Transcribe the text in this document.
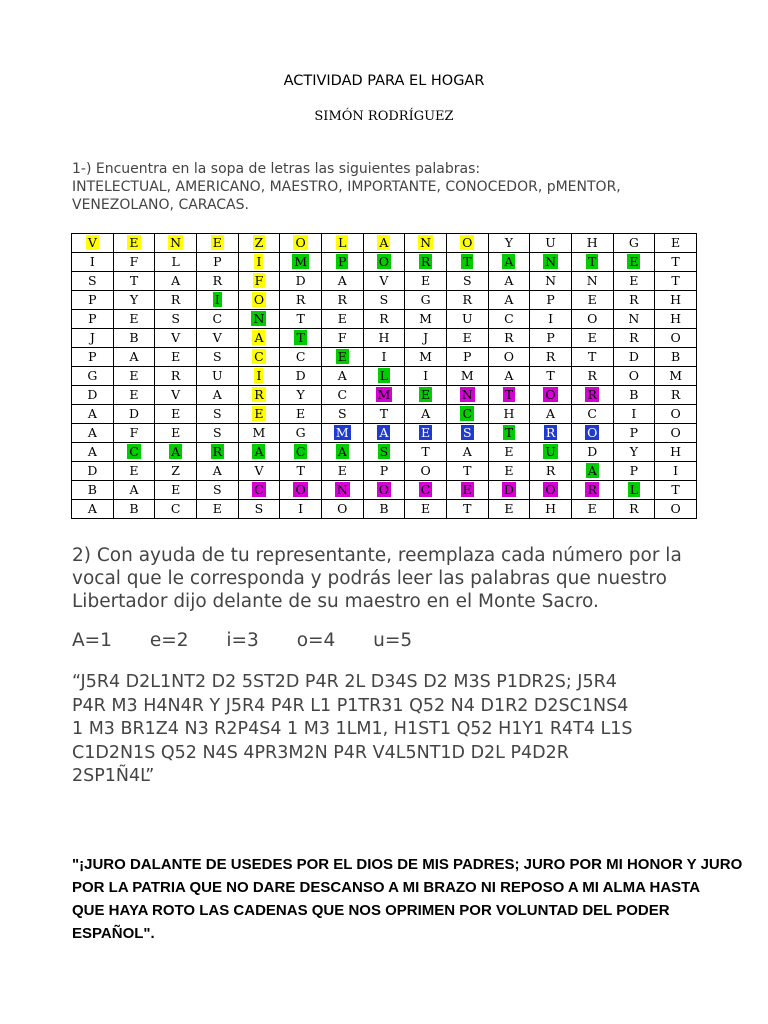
ACTIVIDAD PARA EL HOGAR
SIMÓN RODRÍGUEZ
1-) Encuentra en la sopa de letras las siguientes palabras:
INTELECTUAL, AMERICANO, MAESTRO, IMPORTANTE, CONOCEDOR, pMENTOR,
VENEZOLANO, CARACAS.
V	E	N	E	Z	O	L	A	N	O	Y	U	H	G	E
I	F	L	P	I	M	P	O	R	T	A	N	T	E	T
S	T	A	R	F	D	A	V	E	S	A	N	N	E	T
P	Y	R	I	O	R	R	S	G	R	A	P	E	R	H
P	E	S	C	N	T	E	R	M	U	C	I	O	N	H
J	B	V	V	A	T	F	H	J	E	R	P	E	R	O
P	A	E	S	C	C	E	I	M	P	O	R	T	D	B
G	E	R	U	I	D	A	L	I	M	A	T	R	O	M
D	E	V	A	R	Y	C	M	E	N	T	O	R	B	R
A	D	E	S	E	E	S	T	A	C	H	A	C	I	O
A	F	E	S	M	G	M	A	E	S	T	R	O	P	O
A	C	A	R	A	C	A	S	T	A	E	U	D	Y	H
D	E	Z	A	V	T	E	P	O	T	E	R	A	P	I
B	A	E	S	C	O	N	O	C	E	D	O	R	L	T
A	B	C	E	S	I	O	B	E	T	E	H	E	R	O
2) Con ayuda de tu representante, reemplaza cada número por la
vocal que le corresponda y podrás leer las palabras que nuestro
Libertador dijo delante de su maestro en el Monte Sacro.
A=1 e=2 i=3 o=4 u=5
“J5R4 D2L1NT2 D2 5ST2D P4R 2L D34S D2 M3S P1DR2S; J5R4
P4R M3 H4N4R Y J5R4 P4R L1 P1TR31 Q52 N4 D1R2 D2SC1NS4
1 M3 BR1Z4 N3 R2P4S4 1 M3 1LM1, H1ST1 Q52 H1Y1 R4T4 L1S
C1D2N1S Q52 N4S 4PR3M2N P4R V4L5NT1D D2L P4D2R
2SP1Ñ4L”
"¡JURO DALANTE DE USEDES POR EL DIOS DE MIS PADRES; JURO POR MI HONOR Y JURO
POR LA PATRIA QUE NO DARE DESCANSO A MI BRAZO NI REPOSO A MI ALMA HASTA
QUE HAYA ROTO LAS CADENAS QUE NOS OPRIMEN POR VOLUNTAD DEL PODER
ESPAÑOL".
